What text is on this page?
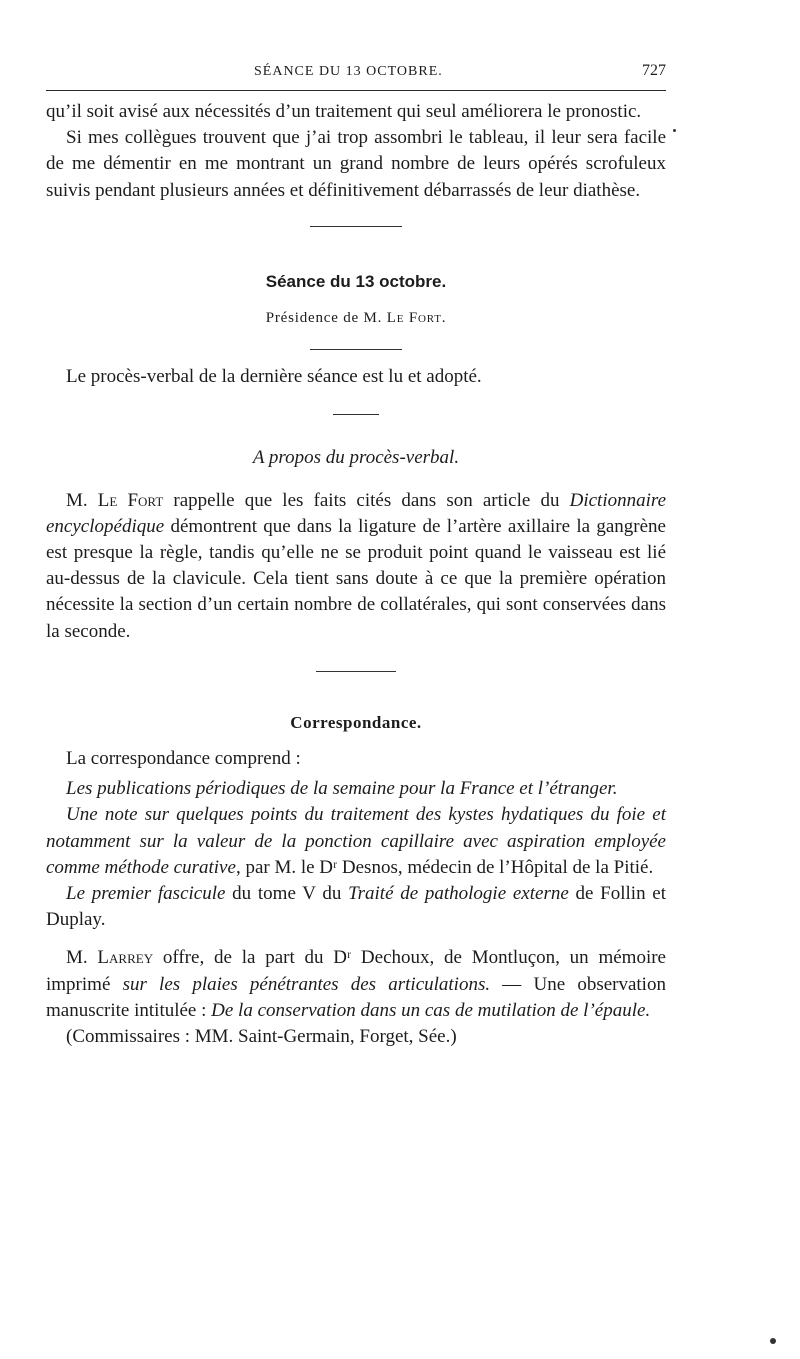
SÉANCE DU 13 OCTOBRE.	727

qu’il soit avisé aux nécessités d’un traitement qui seul améliorera le pronostic.

Si mes collègues trouvent que j’ai trop assombri le tableau, il leur sera facile de me démentir en me montrant un grand nombre de leurs opérés scrofuleux suivis pendant plusieurs années et définitivement débarrassés de leur diathèse.

Séance du 13 octobre.
Présidence de M. Le Fort.

Le procès-verbal de la dernière séance est lu et adopté.

A propos du procès-verbal.

M. Le Fort rappelle que les faits cités dans son article du Dictionnaire encyclopédique démontrent que dans la ligature de l’artère axillaire la gangrène est presque la règle, tandis qu’elle ne se produit point quand le vaisseau est lié au-dessus de la clavicule. Cela tient sans doute à ce que la première opération nécessite la section d’un certain nombre de collatérales, qui sont conservées dans la seconde.

Correspondance.

La correspondance comprend :

Les publications périodiques de la semaine pour la France et l’étranger.

Une note sur quelques points du traitement des kystes hydatiques du foie et notamment sur la valeur de la ponction capillaire avec aspiration employée comme méthode curative, par M. le Dʳ Desnos, médecin de l’Hôpital de la Pitié.

Le premier fascicule du tome V du Traité de pathologie externe de Follin et Duplay.

M. Larrey offre, de la part du Dʳ Dechoux, de Montluçon, un mémoire imprimé sur les plaies pénétrantes des articulations. — Une observation manuscrite intitulée : De la conservation dans un cas de mutilation de l’épaule.

(Commissaires : MM. Saint-Germain, Forget, Sée.)
